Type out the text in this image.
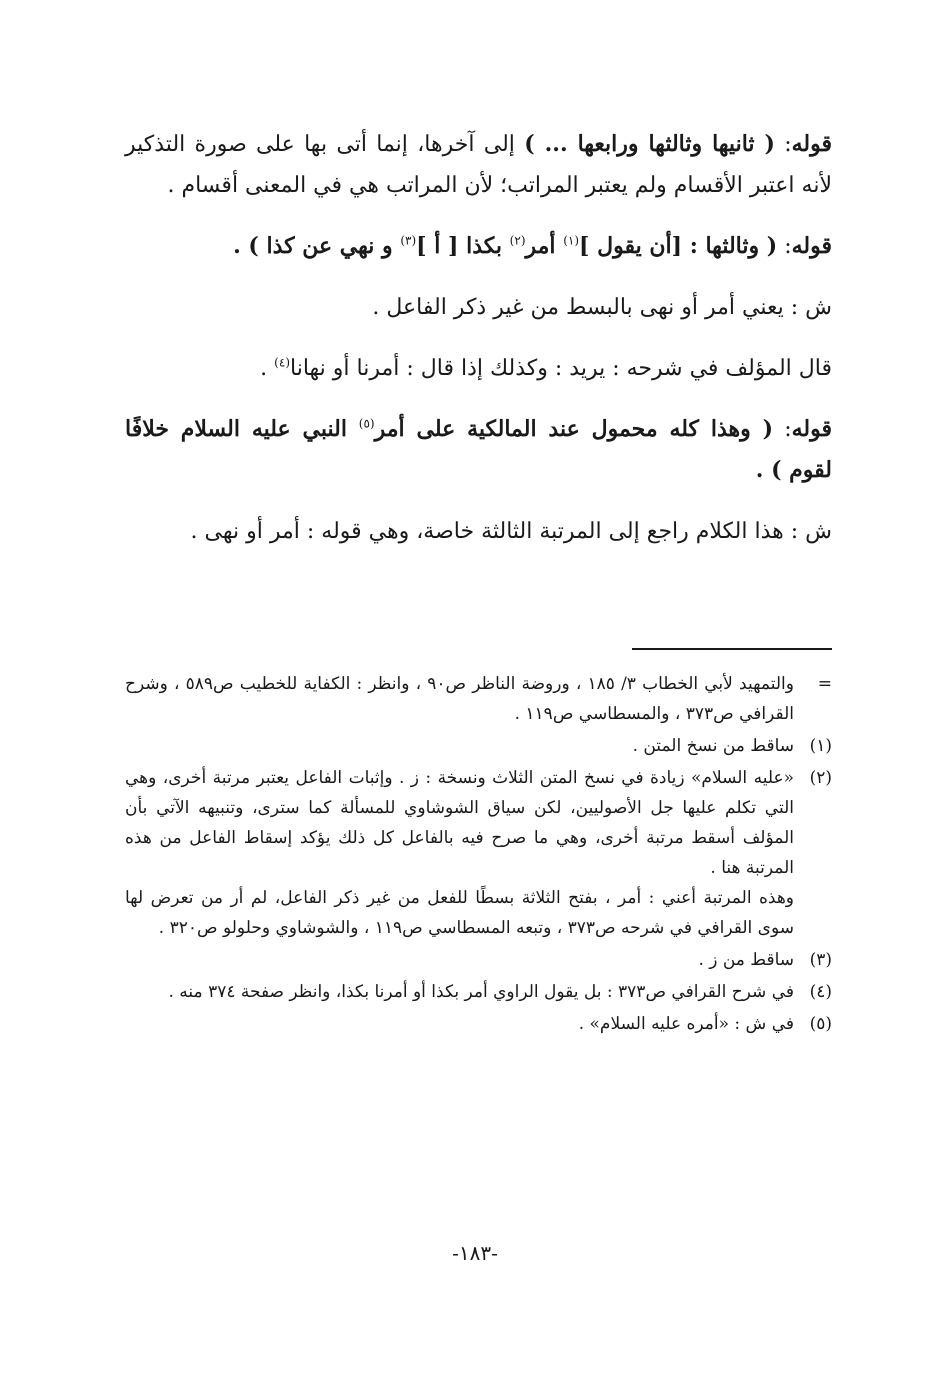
قوله: ( ثانيها وثالثها ورابعها ... ) إلى آخرها، إنما أتى بها على صورة التذكير لأنه اعتبر الأقسام ولم يعتبر المراتب؛ لأن المراتب هي في المعنى أقسام .

قوله: ( وثالثها : [أن يقول ]$^{(١)}$ أمر$^{(٢)}$ بكذا [ أ ]$^{(٣)}$ و نهي عن كذا ) .

ش : يعني أمر أو نهى بالبسط من غير ذكر الفاعل .

قال المؤلف في شرحه : يريد : وكذلك إذا قال : أمرنا أو نهانا$^{(٤)}$ .

قوله: ( وهذا كله محمول عند المالكية على أمر$^{(٥)}$ النبي عليه السلام خلافًا لقوم ) .

ش : هذا الكلام راجع إلى المرتبة الثالثة خاصة، وهي قوله : أمر أو نهى .

=

والتمهيد لأبي الخطاب ٣/ ١٨٥ ، وروضة الناظر ص٩٠ ، وانظر : الكفاية للخطيب ص٥٨٩ ، وشرح القرافي ص٣٧٣ ، والمسطاسي ص١١٩ .

(١)

ساقط من نسخ المتن .

(٢)

«عليه السلام» زيادة في نسخ المتن الثلاث ونسخة : ز . وإثبات الفاعل يعتبر مرتبة أخرى، وهي التي تكلم عليها جل الأصوليين، لكن سياق الشوشاوي للمسألة كما سترى، وتنبيهه الآتي بأن المؤلف أسقط مرتبة أخرى، وهي ما صرح فيه بالفاعل كل ذلك يؤكد إسقاط الفاعل من هذه المرتبة هنا .

وهذه المرتبة أعني : أمر ، بفتح الثلاثة بسطًا للفعل من غير ذكر الفاعل، لم أر من تعرض لها سوى القرافي في شرحه ص٣٧٣ ، وتبعه المسطاسي ص١١٩ ، والشوشاوي وحلولو ص٣٢٠ .

(٣)

ساقط من ز .

(٤)

في شرح القرافي ص٣٧٣ : بل يقول الراوي أمر بكذا أو أمرنا بكذا، وانظر صفحة ٣٧٤ منه .

(٥)

في ش : «أمره عليه السلام» .

-١٨٣-
